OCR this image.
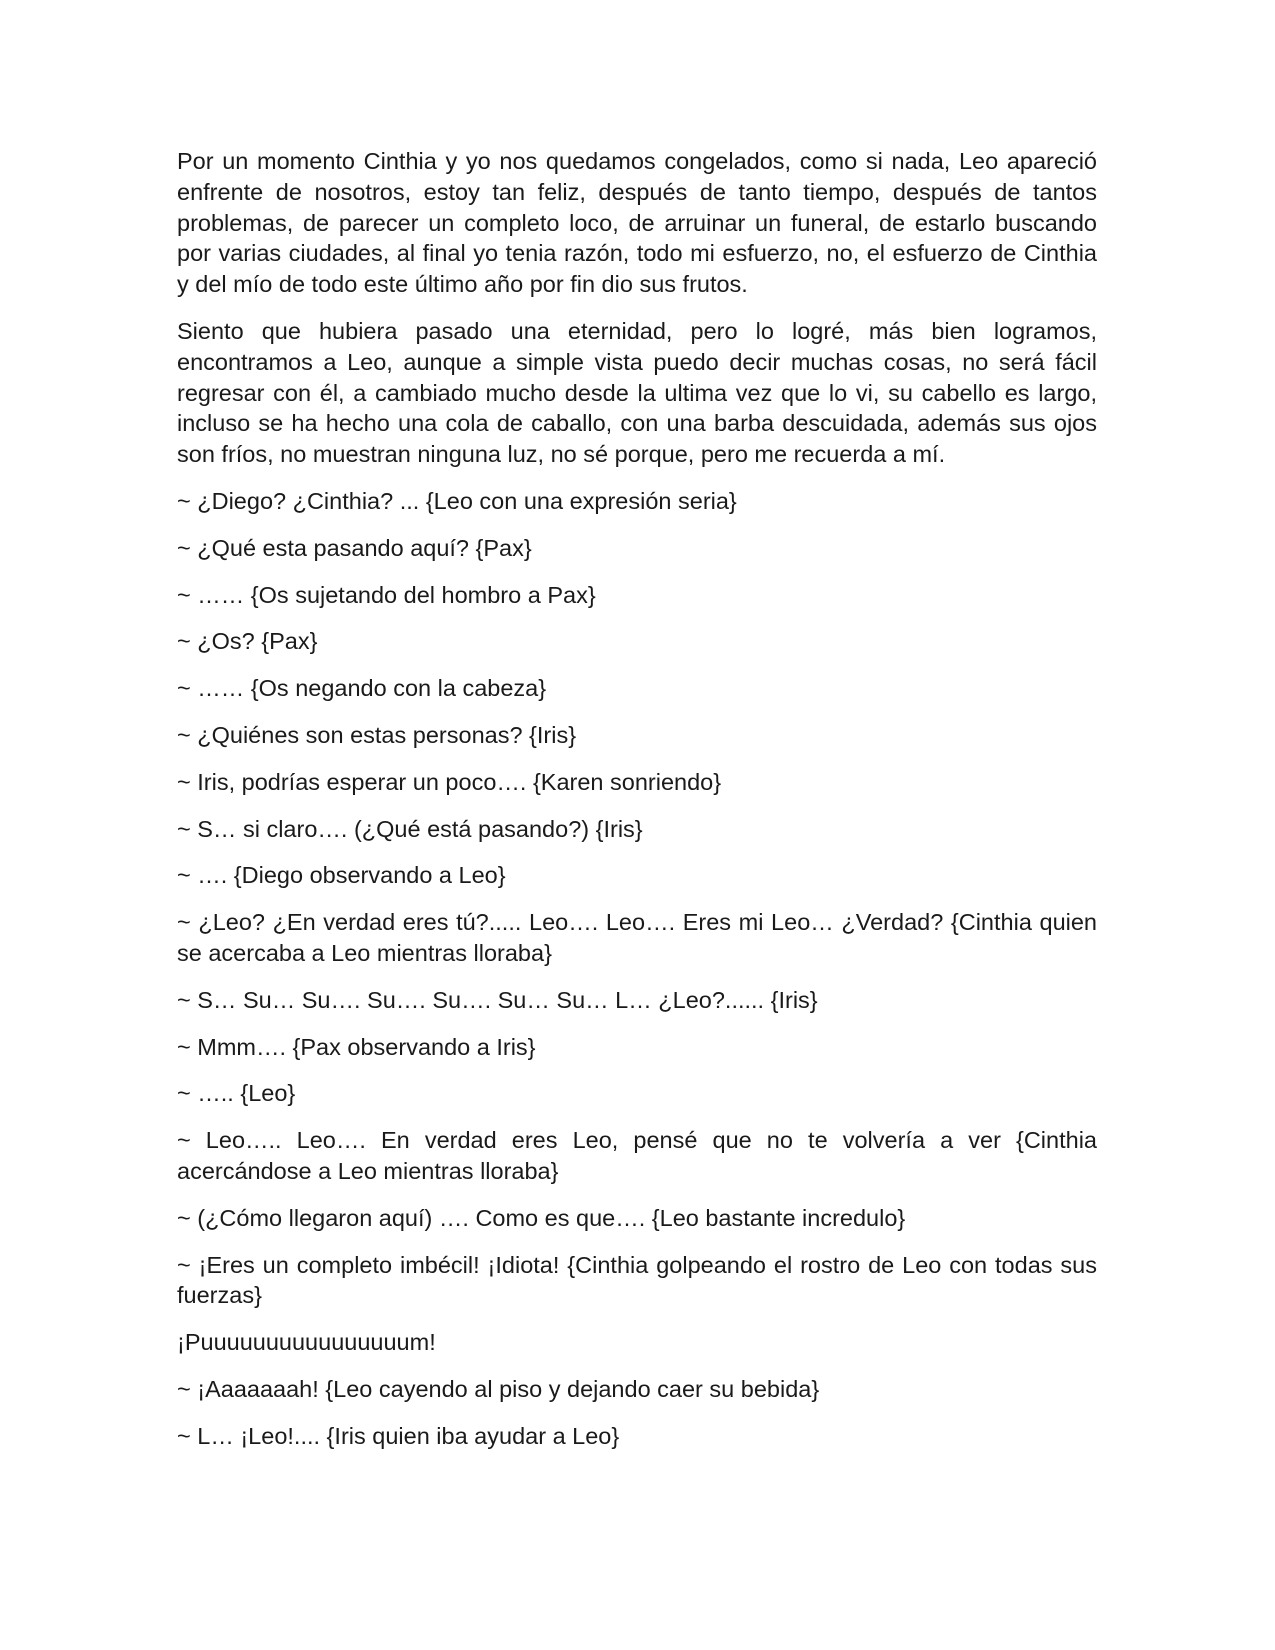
Por un momento Cinthia y yo nos quedamos congelados, como si nada, Leo apareció enfrente de nosotros, estoy tan feliz, después de tanto tiempo, después de tantos problemas, de parecer un completo loco, de arruinar un funeral, de estarlo buscando por varias ciudades, al final yo tenia razón, todo mi esfuerzo, no, el esfuerzo de Cinthia y del mío de todo este último año por fin dio sus frutos.

Siento que hubiera pasado una eternidad, pero lo logré, más bien logramos, encontramos a Leo, aunque a simple vista puedo decir muchas cosas, no será fácil regresar con él, a cambiado mucho desde la ultima vez que lo vi, su cabello es largo, incluso se ha hecho una cola de caballo, con una barba descuidada, además sus ojos son fríos, no muestran ninguna luz, no sé porque, pero me recuerda a mí.

~ ¿Diego? ¿Cinthia? ... {Leo con una expresión seria}

~ ¿Qué esta pasando aquí? {Pax}

~ …… {Os sujetando del hombro a Pax}

~ ¿Os? {Pax}

~ …… {Os negando con la cabeza}

~ ¿Quiénes son estas personas? {Iris}

~ Iris, podrías esperar un poco…. {Karen sonriendo}

~ S… si claro…. (¿Qué está pasando?) {Iris}

~ …. {Diego observando a Leo}

~ ¿Leo? ¿En verdad eres tú?..... Leo…. Leo…. Eres mi Leo… ¿Verdad? {Cinthia quien se acercaba a Leo mientras lloraba}

~ S… Su… Su…. Su…. Su…. Su… Su… L… ¿Leo?...... {Iris}

~ Mmm…. {Pax observando a Iris}

~ ….. {Leo}

~ Leo….. Leo…. En verdad eres Leo, pensé que no te volvería a ver {Cinthia acercándose a Leo mientras lloraba}

~ (¿Cómo llegaron aquí) …. Como es que…. {Leo bastante incredulo}

~ ¡Eres un completo imbécil! ¡Idiota! {Cinthia golpeando el rostro de Leo con todas sus fuerzas}

¡Puuuuuuuuuuuuuuuum!

~ ¡Aaaaaaah! {Leo cayendo al piso y dejando caer su bebida}

~ L… ¡Leo!.... {Iris quien iba ayudar a Leo}
